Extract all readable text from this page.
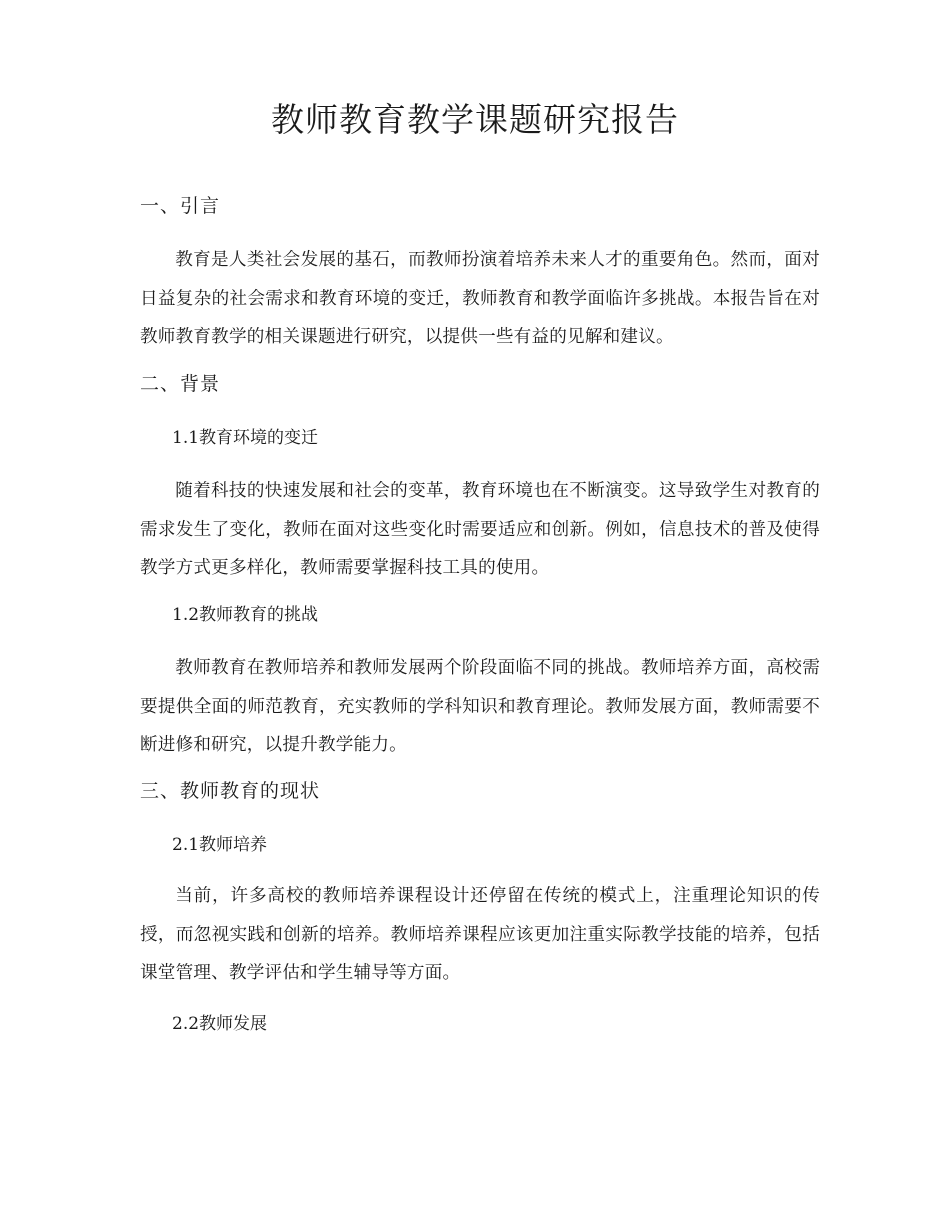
教师教育教学课题研究报告
一、引言

教育是人类社会发展的基石，而教师扮演着培养未来人才的重要角色。然而，面对日益复杂的社会需求和教育环境的变迁，教师教育和教学面临许多挑战。本报告旨在对教师教育教学的相关课题进行研究，以提供一些有益的见解和建议。

二、背景
1.1教育环境的变迁

随着科技的快速发展和社会的变革，教育环境也在不断演变。这导致学生对教育的需求发生了变化，教师在面对这些变化时需要适应和创新。例如，信息技术的普及使得教学方式更多样化，教师需要掌握科技工具的使用。

1.2教师教育的挑战

教师教育在教师培养和教师发展两个阶段面临不同的挑战。教师培养方面，高校需要提供全面的师范教育，充实教师的学科知识和教育理论。教师发展方面，教师需要不断进修和研究，以提升教学能力。

三、教师教育的现状
2.1教师培养

当前，许多高校的教师培养课程设计还停留在传统的模式上，注重理论知识的传授，而忽视实践和创新的培养。教师培养课程应该更加注重实际教学技能的培养，包括课堂管理、教学评估和学生辅导等方面。

2.2教师发展
